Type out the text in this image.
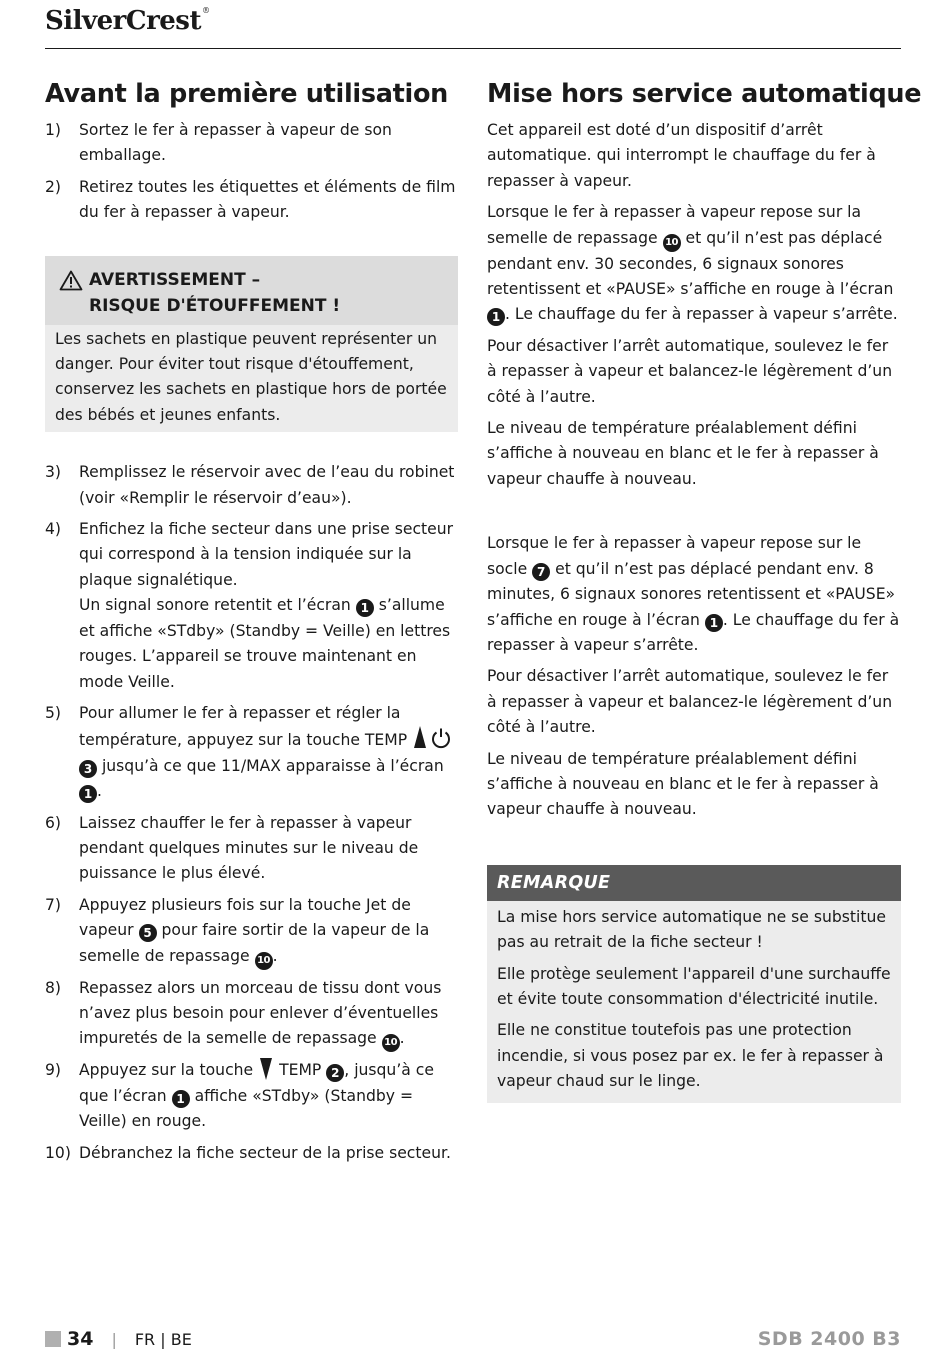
SilverCrest®
Avant la première utilisation
1)	Sortez le fer à repasser à vapeur de son emballage.
2)	Retirez toutes les étiquettes et éléments de film du fer à repasser à vapeur.
AVERTISSEMENT –
RISQUE D'ÉTOUFFEMENT !

Les sachets en plastique peuvent représenter un danger. Pour éviter tout risque d'étouffement, conservez les sachets en plastique hors de portée des bébés et jeunes enfants.

3)	Remplissez le réservoir avec de l’eau du robinet (voir «Remplir le réservoir d’eau»).
4)	Enfichez la fiche secteur dans une prise secteur qui correspond à la tension indiquée sur la plaque signalétique.
Un signal sonore retentit et l’écran 1 s’allume et affiche «STdby» (Standby = Veille) en lettres rouges. L’appareil se trouve maintenant en mode Veille.
5)	Pour allumer le fer à repasser et régler la température, appuyez sur la touche TEMP  3 jusqu’à ce que 11/MAX apparaisse à l’écran 1 .
6)	Laissez chauffer le fer à repasser à vapeur pendant quelques minutes sur le niveau de puissance le plus élevé.
7)	Appuyez plusieurs fois sur la touche Jet de vapeur 5 pour faire sortir de la vapeur de la semelle de repassage 10 .
8)	Repassez alors un morceau de tissu dont vous n’avez plus besoin pour enlever d’éventuelles impuretés de la semelle de repassage 10 .
9)	Appuyez sur la touche TEMP 2 , jusqu’à ce que l’écran 1 affiche «STdby» (Standby = Veille) en rouge.
10) Débranchez la fiche secteur de la prise secteur.
Mise hors service automatique

Cet appareil est doté d’un dispositif d’arrêt automatique. qui interrompt le chauffage du fer à repasser à vapeur.

Lorsque le fer à repasser à vapeur repose sur la semelle de repassage 10 et qu’il n’est pas déplacé pendant env. 30 secondes, 6 signaux sonores retentissent et «PAUSE» s’affiche en rouge à l’écran 1 . Le chauffage du fer à repasser à vapeur s’arrête.

Pour désactiver l’arrêt automatique, soulevez le fer à repasser à vapeur et balancez-le légèrement d’un côté à l’autre.

Le niveau de température préalablement défini s’affiche à nouveau en blanc et le fer à repasser à vapeur chauffe à nouveau.

Lorsque le fer à repasser à vapeur repose sur le socle 7 et qu’il n’est pas déplacé pendant env. 8 minutes, 6 signaux sonores retentissent et «PAUSE» s’affiche en rouge à l’écran 1 . Le chauffage du fer à repasser à vapeur s’arrête.

Pour désactiver l’arrêt automatique, soulevez le fer à repasser à vapeur et balancez-le légèrement d’un côté à l’autre.

Le niveau de température préalablement défini s’affiche à nouveau en blanc et le fer à repasser à vapeur chauffe à nouveau.

REMARQUE

La mise hors service automatique ne se substitue pas au retrait de la fiche secteur !

Elle protège seulement l'appareil d'une surchauffe et évite toute consommation d'électricité inutile.

Elle ne constitue toutefois pas une protection incendie, si vous posez par ex. le fer à repasser à vapeur chaud sur le linge.

34 | FR | BE	SDB 2400 B3
